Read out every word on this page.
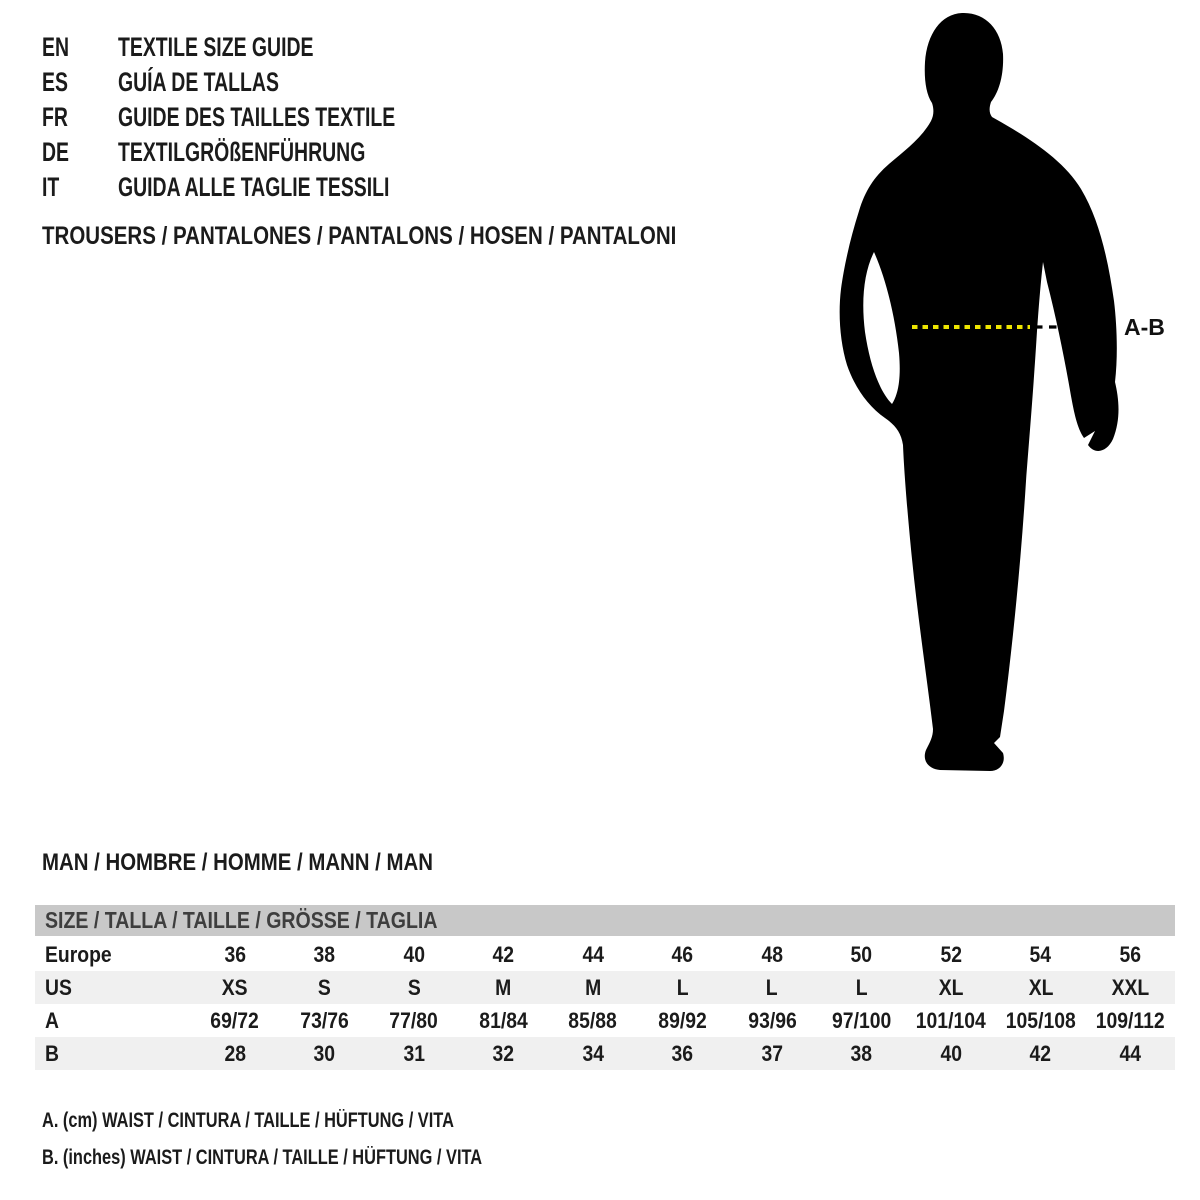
EN	TEXTILE SIZE GUIDE
ES	GUÍA DE TALLAS
FR	GUIDE DES TAILLES TEXTILE
DE	TEXTILGRÖßENFÜHRUNG
IT	GUIDA ALLE TAGLIE TESSILI
TROUSERS / PANTALONES / PANTALONS / HOSEN / PANTALONI
A-B
MAN / HOMBRE / HOMME / MANN / MAN
SIZE / TALLA / TAILLE / GRÖSSE / TAGLIA
Europe	36	38	40	42	44	46	48	50	52	54	56
US	XS	S	S	M	M	L	L	L	XL	XL	XXL
A	69/72	73/76	77/80	81/84	85/88	89/92	93/96	97/100	101/104 105/108 109/112
B	28	30	31	32	34	36	37	38	40	42	44
A. (cm) WAIST / CINTURA / TAILLE / HÜFTUNG / VITA
B. (inches) WAIST / CINTURA / TAILLE / HÜFTUNG / VITA
